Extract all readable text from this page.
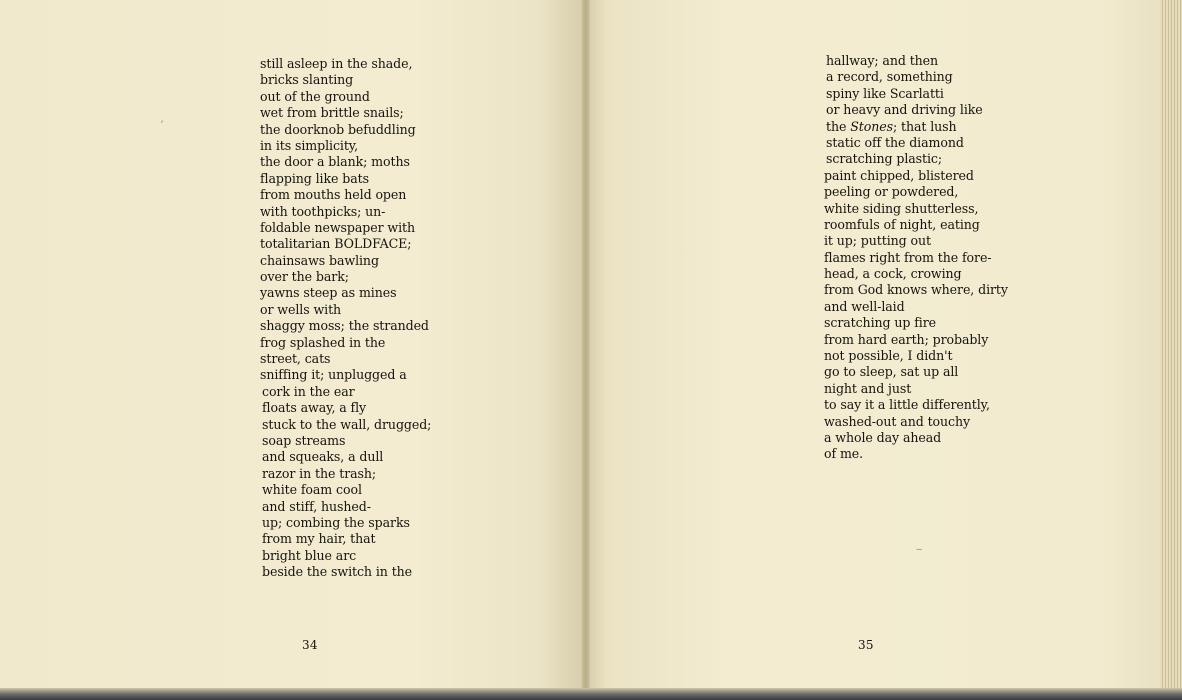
ʼ
still asleep in the shade,
bricks slanting
out of the ground
wet from brittle snails;
the doorknob befuddling
in its simplicity,
the door a blank; moths
flapping like bats
from mouths held open
with toothpicks; un-
foldable newspaper with
totalitarian BOLDFACE;
chainsaws bawling
over the bark;
yawns steep as mines
or wells with
shaggy moss; the stranded
frog splashed in the
street, cats
sniffing it; unplugged a
cork in the ear
floats away, a fly
stuck to the wall, drugged;
soap streams
and squeaks, a dull
razor in the trash;
white foam cool
and stiff, hushed-
up; combing the sparks
from my hair, that
bright blue arc
beside the switch in the
34
‒
hallway; and then
a record, something
spiny like Scarlatti
or heavy and driving like
the Stones; that lush
static off the diamond
scratching plastic;
paint chipped, blistered
peeling or powdered,
white siding shutterless,
roomfuls of night, eating
it up; putting out
flames right from the fore-
head, a cock, crowing
from God knows where, dirty
and well-laid
scratching up fire
from hard earth; probably
not possible, I didn't
go to sleep, sat up all
night and just
to say it a little differently,
washed-out and touchy
a whole day ahead
of me.
35
